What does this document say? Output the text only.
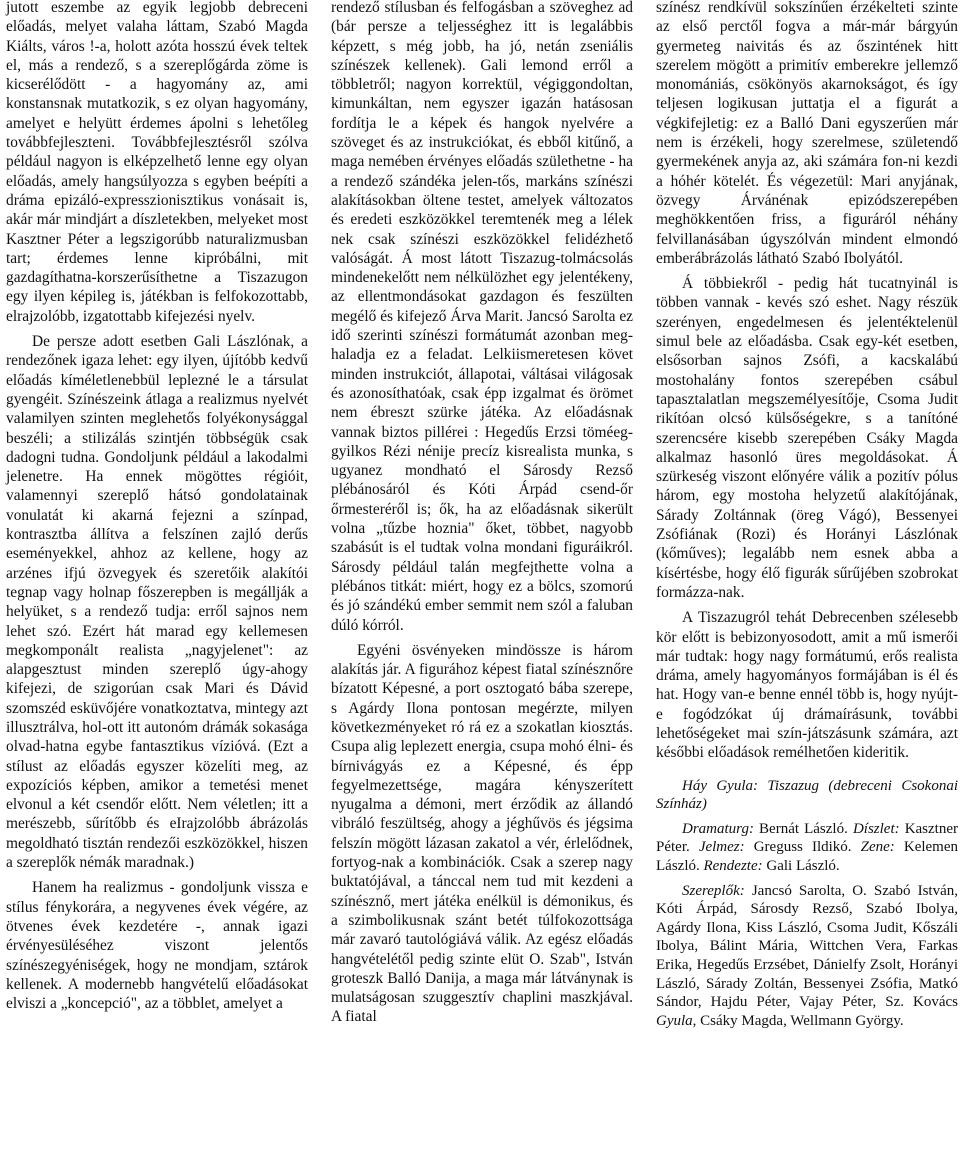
jutott eszembe az egyik legjobb debreceni előadás, melyet valaha láttam, Szabó Magda Kiálts, város !-a, holott azóta hosszú évek teltek el, más a rendező, s a szereplőgárda zöme is kicserélődött - a hagyomány az, ami konstansnak mutatkozik, s ez olyan hagyomány, amelyet e helyütt érdemes ápolni s lehetőleg továbbfejleszteni. Továbbfejlesztésről szólva például nagyon is elképzelhető lenne egy olyan előadás, amely hangsúlyozza s egyben beépíti a dráma epizáló-expresszionisztikus vonásait is, akár már mindjárt a díszletekben, melyeket most Kasztner Péter a legszigorúbb naturalizmusban tart; érdemes lenne kipróbálni, mit gazdagíthatna-korszerűsíthetne a Tiszazugon egy ilyen képileg is, játékban is felfokozottabb, elrajzolóbb, izgatottabb kifejezési nyelv.

De persze adott esetben Gali Lászlónak, a rendezőnek igaza lehet: egy ilyen, újítóbb kedvű előadás kíméletlenebbül leplezné le a társulat gyengéit. Színészeink átlaga a realizmus nyelvét valamilyen szinten meglehetős folyékonysággal beszéli; a stilizálás szintjén többségük csak dadogni tudna. Gondoljunk például a lakodalmi jelenetre. Ha ennek mögöttes régióit, valamennyi szereplő hátsó gondolatainak vonulatát ki akarná fejezni a színpad, kontrasztba állítva a felszínen zajló derűs eseményekkel, ahhoz az kellene, hogy az arzénes ifjú özvegyek és szeretőik alakítói tegnap vagy holnap főszerepben is megállják a helyüket, s a rendező tudja: erről sajnos nem lehet szó. Ezért hát marad egy kellemesen megkomponált realista „nagyjelenet": az alapgesztust minden szereplő úgy-ahogy kifejezi, de szigorúan csak Mari és Dávid szomszéd esküvőjére vonatkoztatva, mintegy azt illusztrálva, hol-ott itt autonóm drámák sokasága olvad-hatna egybe fantasztikus vízióvá. (Ezt a stílust az előadás egyszer közelíti meg, az expozíciós képben, amikor a temetési menet elvonul a két csendőr előtt. Nem véletlen; itt a merészebb, sűrítőbb és eIrajzolóbb ábrázolás megoldható tisztán rendezői eszközökkel, hiszen a szereplők némák maradnak.)

Hanem ha realizmus - gondoljunk vissza e stílus fénykorára, a negyvenes évek végére, az ötvenes évek kezdetére -, annak igazi érvényesüléséhez viszont jelentős színészegyéniségek, hogy ne mondjam, sztárok kellenek. A modernebb hangvételű előadásokat elviszi a „koncepció", az a többlet, amelyet a

rendező stílusban és felfogásban a szöveghez ad (bár persze a teljességhez itt is legalábbis képzett, s még jobb, ha jó, netán zseniális színészek kellenek). Gali lemond erről a többletről; nagyon korrektül, végiggondoltan, kimunkáltan, nem egyszer igazán hatásosan fordítja le a képek és hangok nyelvére a szöveget és az instrukciókat, és ebből kitűnő, a maga nemében érvényes előadás születhetne - ha a rendező szándéka jelen-tős, markáns színészi alakításokban öltene testet, amelyek változatos és eredeti eszközökkel teremtenék meg a lélek nek csak színészi eszközökkel felidézhető valóságát. Á most látott Tiszazug-tolmácsolás mindenekelőtt nem nélkülözhet egy jelentékeny, az ellentmondásokat gazdagon és feszülten megélő és kifejező Árva Marit. Jancsó Sarolta ez idő szerinti színészi formátumát azonban meg-haladja ez a feladat. Lelkiismeretesen követ minden instrukciót, állapotai, váltásai világosak és azonosíthatóak, csak épp izgalmat és örömet nem ébreszt szürke játéka. Az előadásnak vannak biztos pillérei : Hegedűs Erzsi töméeg-gyilkos Rézi nénije precíz kisrealista munka, s ugyanez mondható el Sárosdy Rezső plébánosáról és Kóti Árpád csend-őr őrmesteréről is; ők, ha az előadásnak sikerült volna „tűzbe hoznia" őket, többet, nagyobb szabásút is el tudtak volna mondani figuráikról. Sárosdy például talán megfejthette volna a plébános titkát: miért, hogy ez a bölcs, szomorú és jó szándékú ember semmit nem szól a faluban dúló kórról.

Egyéni ösvényeken mindössze is három alakítás jár. A figurához képest fiatal színésznőre bízatott Képesné, a port osztogató bába szerepe, s Agárdy Ilona pontosan megérzte, milyen következményeket ró rá ez a szokatlan kiosztás. Csupa alig leplezett energia, csupa mohó élni- és bírnivágyás ez a Képesné, és épp fegyelmezettsége, magára kényszerített nyugalma a démoni, mert érződik az állandó vibráló feszültség, ahogy a jéghűvös és jégsima felszín mögött lázasan zakatol a vér, érlelődnek, fortyog-nak a kombinációk. Csak a szerep nagy buktatójával, a tánccal nem tud mit kezdeni a színésznő, mert játéka enélkül is démonikus, és a szimbolikusnak szánt betét túlfokozottsága már zavaró tautológiává válik. Az egész előadás hangvételétől pedig szinte elüt O. Szab", István groteszk Balló Danija, a maga már látványnak is mulatságosan szuggesztív chaplini maszkjával. A fiatal

színész rendkívül sokszínűen érzékelteti szinte az első perctől fogva a már-már bárgyún gyermeteg naivitás és az őszintének hitt szerelem mögött a primitív emberekre jellemző monomániás, csökönyös akarnokságot, és így teljesen logikusan juttatja el a figurát a végkifejletig: ez a Balló Dani egyszerűen már nem is érzékeli, hogy szerelmese, születendő gyermekének anyja az, aki számára fon-ni kezdi a hóhér kötelét. És végezetül: Mari anyjának, özvegy Árvánénak epizódszerepében meghökkentően friss, a figuráról néhány felvillanásában úgyszólván mindent elmondó emberábrázolás látható Szabó Ibolyától.

Á többiekről - pedig hát tucatnyinál is többen vannak - kevés szó eshet. Nagy részük szerényen, engedelmesen és jelentéktelenül simul bele az előadásba. Csak egy-két esetben, elsősorban sajnos Zsófi, a kacskalábú mostohalány fontos szerepében csábul tapasztalatlan megszemélyesítője, Csoma Judit rikítóan olcsó külsőségekre, s a tanítóné szerencsére kisebb szerepében Csáky Magda alkalmaz hasonló üres megoldásokat. Á szürkeség viszont előnyére válik a pozitív pólus három, egy mostoha helyzetű alakítójának, Sárady Zoltánnak (öreg Vágó), Bessenyei Zsófiának (Rozi) és Horányi Lászlónak (kőműves); legalább nem esnek abba a kísértésbe, hogy élő figurák sűrűjében szobrokat formázza-nak.

A Tiszazugról tehát Debrecenben szélesebb kör előtt is bebizonyosodott, amit a mű ismerői már tudtak: hogy nagy formátumú, erős realista dráma, amely hagyományos formájában is él és hat. Hogy van-e benne ennél több is, hogy nyújt-e fogódzókat új drámaírásunk, további lehetőségeket mai szín-játszásunk számára, azt későbbi előadások remélhetően kideritik.

Háy Gyula: Tiszazug (debreceni Csokonai Színház)

Dramaturg: Bernát László. Díszlet: Kasztner Péter. Jelmez: Greguss Ildikó. Zene: Kelemen László. Rendezte: Gali László.

Szereplők: Jancsó Sarolta, O. Szabó István, Kóti Árpád, Sárosdy Rezső, Szabó Ibolya, Agárdy Ilona, Kiss László, Csoma Judit, Kőszáli Ibolya, Bálint Mária, Wittchen Vera, Farkas Erika, Hegedűs Erzsébet, Dánielfy Zsolt, Horányi László, Sárady Zoltán, Bessenyei Zsófia, Matkó Sándor, Hajdu Péter, Vajay Péter, Sz. Kovács Gyula, Csáky Magda, Wellmann György.
